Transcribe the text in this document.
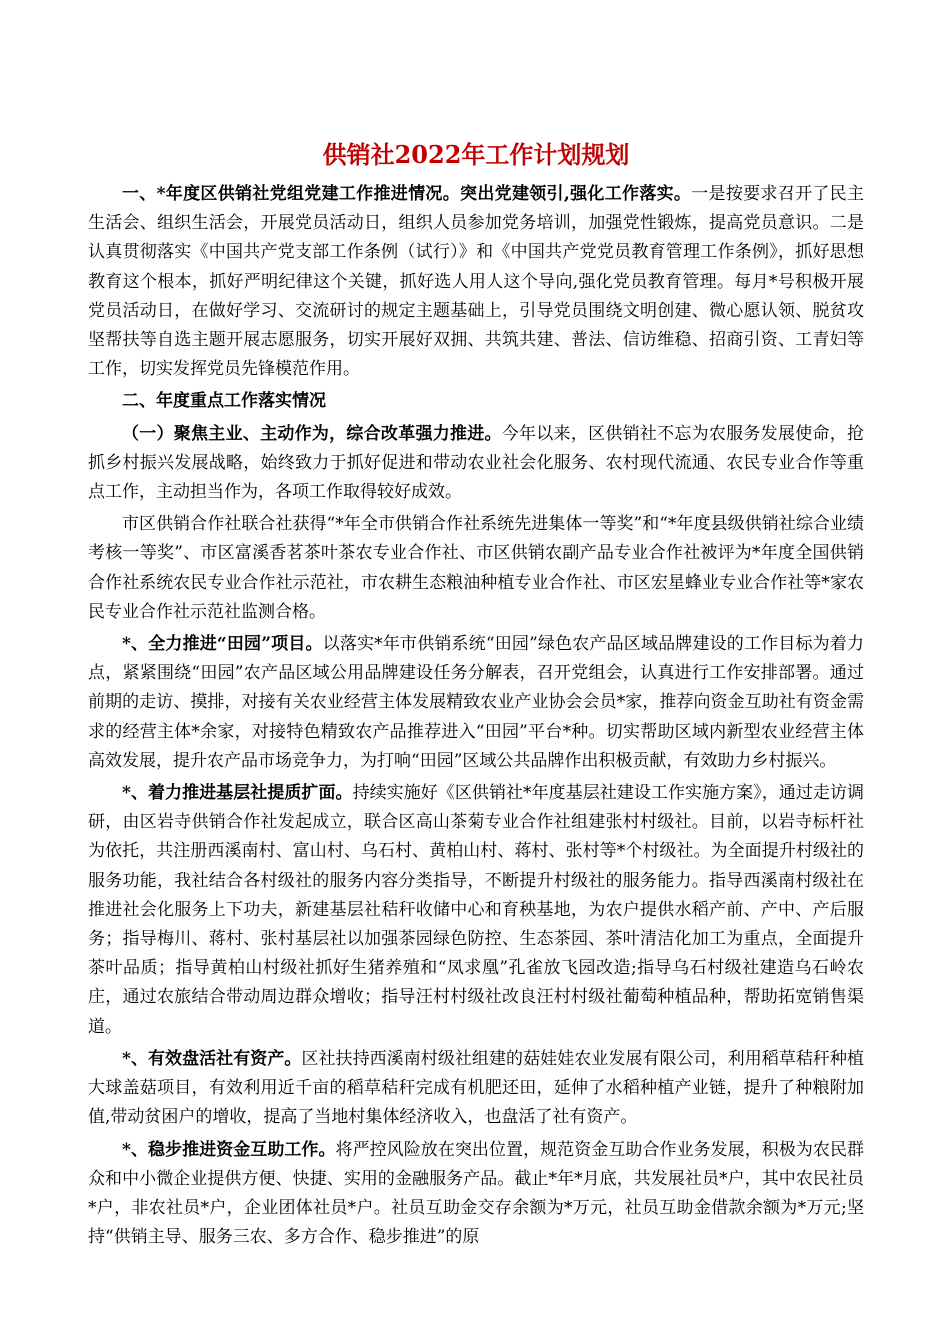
供销社2022年工作计划规划

一、*年度区供销社党组党建工作推进情况。突出党建领引,强化工作落实。一是按要求召开了民主生活会、组织生活会，开展党员活动日，组织人员参加党务培训，加强党性锻炼，提高党员意识。二是认真贯彻落实《中国共产党支部工作条例（试行）》和《中国共产党党员教育管理工作条例》，抓好思想教育这个根本，抓好严明纪律这个关键，抓好选人用人这个导向,强化党员教育管理。每月*号积极开展党员活动日，在做好学习、交流研讨的规定主题基础上，引导党员围绕文明创建、微心愿认领、脱贫攻坚帮扶等自选主题开展志愿服务，切实开展好双拥、共筑共建、普法、信访维稳、招商引资、工青妇等工作，切实发挥党员先锋模范作用。

二、年度重点工作落实情况

（一）聚焦主业、主动作为，综合改革强力推进。今年以来，区供销社不忘为农服务发展使命，抢抓乡村振兴发展战略，始终致力于抓好促进和带动农业社会化服务、农村现代流通、农民专业合作等重点工作，主动担当作为，各项工作取得较好成效。

市区供销合作社联合社获得“*年全市供销合作社系统先进集体一等奖”和“*年度县级供销社综合业绩考核一等奖”、市区富溪香茗茶叶茶农专业合作社、市区供销农副产品专业合作社被评为*年度全国供销合作社系统农民专业合作社示范社，市农耕生态粮油种植专业合作社、市区宏星蜂业专业合作社等*家农民专业合作社示范社监测合格。

*、全力推进“田园”项目。以落实*年市供销系统“田园”绿色农产品区域品牌建设的工作目标为着力点，紧紧围绕“田园”农产品区域公用品牌建设任务分解表，召开党组会，认真进行工作安排部署。通过前期的走访、摸排，对接有关农业经营主体发展精致农业产业协会会员*家，推荐向资金互助社有资金需求的经营主体*余家，对接特色精致农产品推荐进入“田园”平台*种。切实帮助区域内新型农业经营主体高效发展，提升农产品市场竞争力，为打响“田园”区域公共品牌作出积极贡献，有效助力乡村振兴。

*、着力推进基层社提质扩面。持续实施好《区供销社*年度基层社建设工作实施方案》，通过走访调研，由区岩寺供销合作社发起成立，联合区高山茶菊专业合作社组建张村村级社。目前，以岩寺标杆社为依托，共注册西溪南村、富山村、乌石村、黄柏山村、蒋村、张村等*个村级社。为全面提升村级社的服务功能，我社结合各村级社的服务内容分类指导，不断提升村级社的服务能力。指导西溪南村级社在推进社会化服务上下功夫，新建基层社秸秆收储中心和育秧基地，为农户提供水稻产前、产中、产后服务；指导梅川、蒋村、张村基层社以加强茶园绿色防控、生态茶园、茶叶清洁化加工为重点，全面提升茶叶品质；指导黄柏山村级社抓好生猪养殖和“凤求凰”孔雀放飞园改造;指导乌石村级社建造乌石岭农庄，通过农旅结合带动周边群众增收；指导汪村村级社改良汪村村级社葡萄种植品种，帮助拓宽销售渠道。

*、有效盘活社有资产。区社扶持西溪南村级社组建的菇娃娃农业发展有限公司，利用稻草秸秆种植大球盖菇项目，有效利用近千亩的稻草秸秆完成有机肥还田，延伸了水稻种植产业链，提升了种粮附加值,带动贫困户的增收，提高了当地村集体经济收入，也盘活了社有资产。

*、稳步推进资金互助工作。将严控风险放在突出位置，规范资金互助合作业务发展，积极为农民群众和中小微企业提供方便、快捷、实用的金融服务产品。截止*年*月底，共发展社员*户，其中农民社员*户，非农社员*户，企业团体社员*户。社员互助金交存余额为*万元，社员互助金借款余额为*万元;坚持“供销主导、服务三农、多方合作、稳步推进”的原
